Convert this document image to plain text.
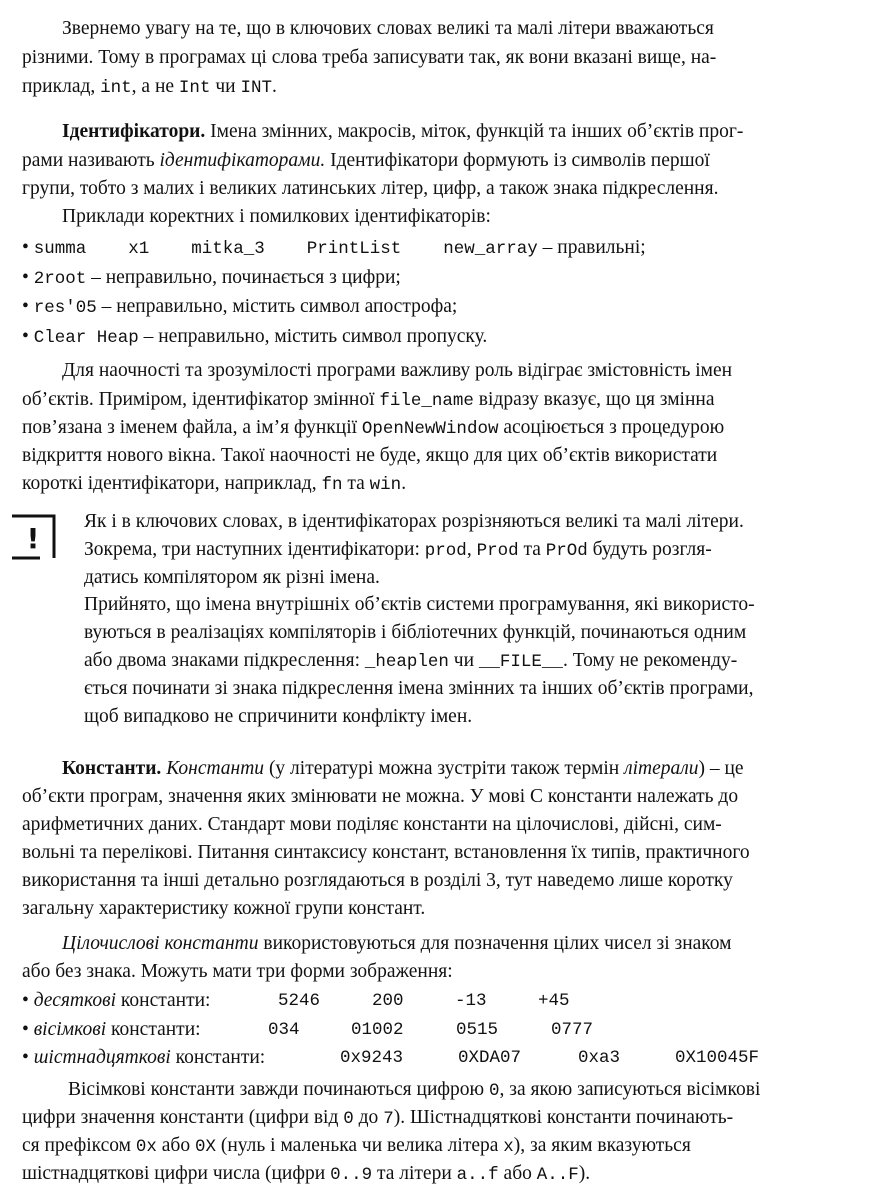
Звернемо увагу на те, що в ключових словах великі та малі літери вважаються
різними. Тому в програмах ці слова треба записувати так, як вони вказані вище, на-
приклад, int, а не Int чи INT.
Ідентифікатори. Імена змінних, макросів, міток, функцій та інших об’єктів прог-
рами називають ідентифікаторами. Ідентифікатори формують із символів першої
групи, тобто з малих і великих латинських літер, цифр, а також знака підкреслення.
Приклади коректних і помилкових ідентифікаторів:
• summa    x1    mitka_3    PrintList    new_array – правильні;
• 2root – неправильно, починається з цифри;
• res'05 – неправильно, містить символ апострофа;
• Clear Heap – неправильно, містить символ пропуску.
Для наочності та зрозумілості програми важливу роль відіграє змістовність імен
об’єктів. Приміром, ідентифікатор змінної file_name відразу вказує, що ця змінна
пов’язана з іменем файла, а ім’я функції OpenNewWindow асоціюється з процедурою
відкриття нового вікна. Такої наочності не буде, якщо для цих об’єктів використати
короткі ідентифікатори, наприклад, fn та win.
!
Як і в ключових словах, в ідентифікаторах розрізняються великі та малі літери.
Зокрема, три наступних ідентифікатори: prod, Prod та PrOd будуть розгля-
датись компілятором як різні імена.
Прийнято, що імена внутрішніх об’єктів системи програмування, які використо-
вуються в реалізаціях компіляторів і бібліотечних функцій, починаються одним
або двома знаками підкреслення: _heaplen чи __FILE__. Тому не рекоменду-
ється починати зі знака підкреслення імена змінних та інших об’єктів програми,
щоб випадково не спричинити конфлікту імен.
Константи. Константи (у літературі можна зустріти також термін літерали) – це
об’єкти програм, значення яких змінювати не можна. У мові С константи належать до
арифметичних даних. Стандарт мови поділяє константи на цілочислові, дійсні, сим-
вольні та перелікові. Питання синтаксису констант, встановлення їх типів, практичного
використання та інші детально розглядаються в розділі 3, тут наведемо лише коротку
загальну характеристику кожної групи констант.
Цілочислові константи використовуються для позначення цілих чисел зі знаком
або без знака. Можуть мати три форми зображення:
• десяткові константи:	5246	200	-13	+45
• вісімкові константи:	034	01002	0515	0777
• шістнадцяткові константи:	0x9243	0XDA07	0xa3	0X10045F
Вісімкові константи завжди починаються цифрою 0, за якою записуються вісімкові
цифри значення константи (цифри від 0 до 7). Шістнадцяткові константи починають-
ся префіксом 0x або 0X (нуль і маленька чи велика літера x), за яким вказуються
шістнадцяткові цифри числа (цифри 0..9 та літери a..f або A..F).
